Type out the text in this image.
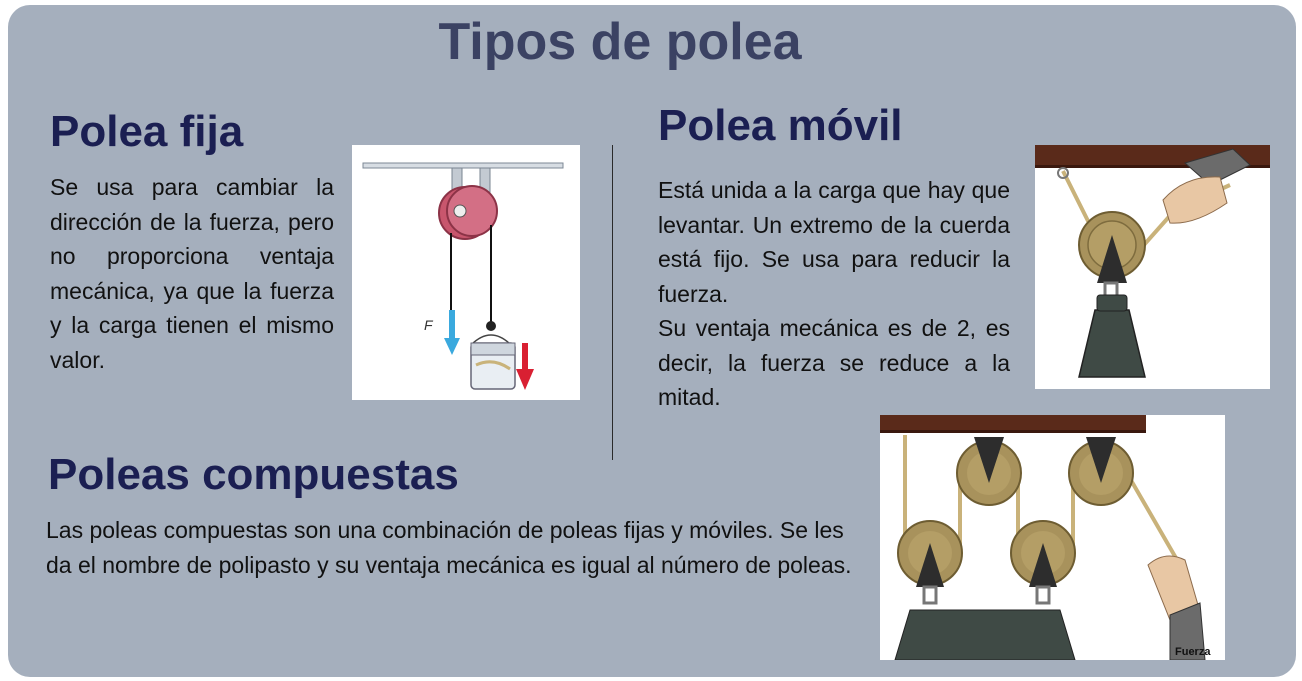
Tipos de polea
Polea fija

Se usa para cambiar la dirección de la fuerza, pero no proporciona ventaja mecánica, ya que la fuerza y la carga tienen el mismo valor.

F
Polea móvil

Está unida a la carga que hay que levantar. Un extremo de la cuerda está fijo. Se usa para reducir la fuerza.

Su ventaja mecánica es de 2, es decir, la fuerza se reduce a la mitad.

Poleas compuestas

Las poleas compuestas son una combinación de poleas fijas y móviles. Se les da el nombre de polipasto y su ventaja mecánica es igual al número de poleas.

Fuerza
